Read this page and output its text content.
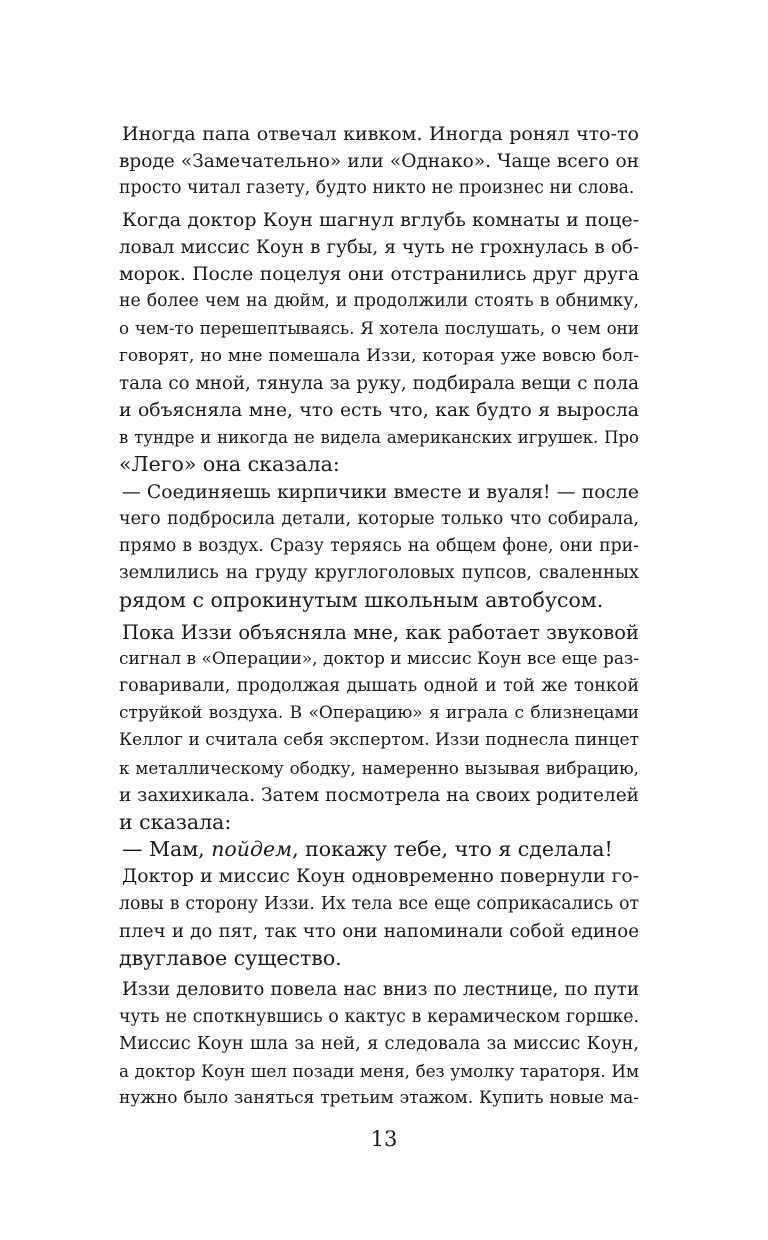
Иногда папа отвечал кивком. Иногда ронял что-то
вроде «Замечательно» или «Однако». Чаще всего он
просто читал газету, будто никто не произнес ни слова.

Когда доктор Коун шагнул вглубь комнаты и поце-
ловал миссис Коун в губы, я чуть не грохнулась в об-
морок. После поцелуя они отстранились друг друга
не более чем на дюйм, и продолжили стоять в обнимку,
о чем-то перешептываясь. Я хотела послушать, о чем они
говорят, но мне помешала Иззи, которая уже вовсю бол-
тала со мной, тянула за руку, подбирала вещи с пола
и объясняла мне, что есть что, как будто я выросла
в тундре и никогда не видела американских игрушек. Про
«Лего» она сказала:

— Соединяешь кирпичики вместе и вуаля! — после
чего подбросила детали, которые только что собирала,
прямо в воздух. Сразу теряясь на общем фоне, они при-
землились на груду круглоголовых пупсов, сваленных
рядом с опрокинутым школьным автобусом.

Пока Иззи объясняла мне, как работает звуковой
сигнал в «Операции», доктор и миссис Коун все еще раз-
говаривали, продолжая дышать одной и той же тонкой
струйкой воздуха. В «Операцию» я играла с близнецами
Келлог и считала себя экспертом. Иззи поднесла пинцет
к металлическому ободку, намеренно вызывая вибрацию,
и захихикала. Затем посмотрела на своих родителей
и сказала:

— Мам, пойдем, покажу тебе, что я сделала!

Доктор и миссис Коун одновременно повернули го-
ловы в сторону Иззи. Их тела все еще соприкасались от
плеч и до пят, так что они напоминали собой единое
двуглавое существо.

Иззи деловито повела нас вниз по лестнице, по пути
чуть не споткнувшись о кактус в керамическом горшке.
Миссис Коун шла за ней, я следовала за миссис Коун,
а доктор Коун шел позади меня, без умолку тараторя. Им
нужно было заняться третьим этажом. Купить новые ма-

13
